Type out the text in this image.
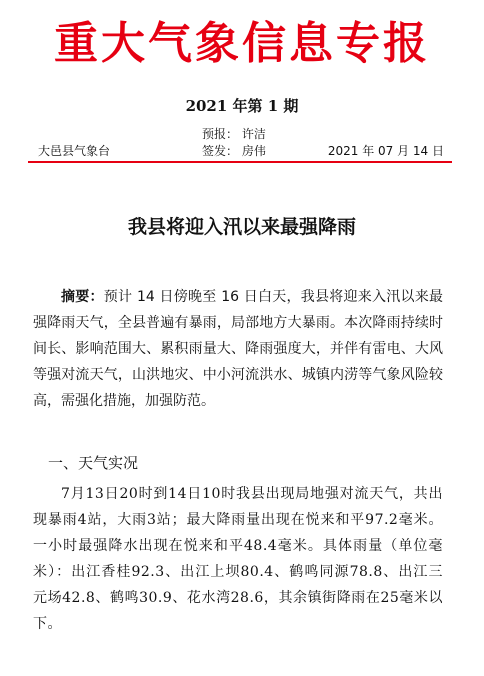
重大气象信息专报
2021 年第 1 期
预报： 许洁
大邑县气象台	签发： 房伟	2021 年 07 月 14 日
我县将迎入汛以来最强降雨
摘要：预计 14 日傍晚至 16 日白天，我县将迎来入汛以来最强降雨天气，全县普遍有暴雨，局部地方大暴雨。本次降雨持续时间长、影响范围大、累积雨量大、降雨强度大，并伴有雷电、大风等强对流天气，山洪地灾、中小河流洪水、城镇内涝等气象风险较高，需强化措施，加强防范。
一、天气实况
7月13日20时到14日10时我县出现局地强对流天气，共出现暴雨4站，大雨3站；最大降雨量出现在悦来和平97.2毫米。一小时最强降水出现在悦来和平48.4毫米。具体雨量（单位毫米）：出江香桂92.3、出江上坝80.4、鹤鸣同源78.8、出江三元场42.8、鹤鸣30.9、花水湾28.6，其余镇街降雨在25毫米以下。
